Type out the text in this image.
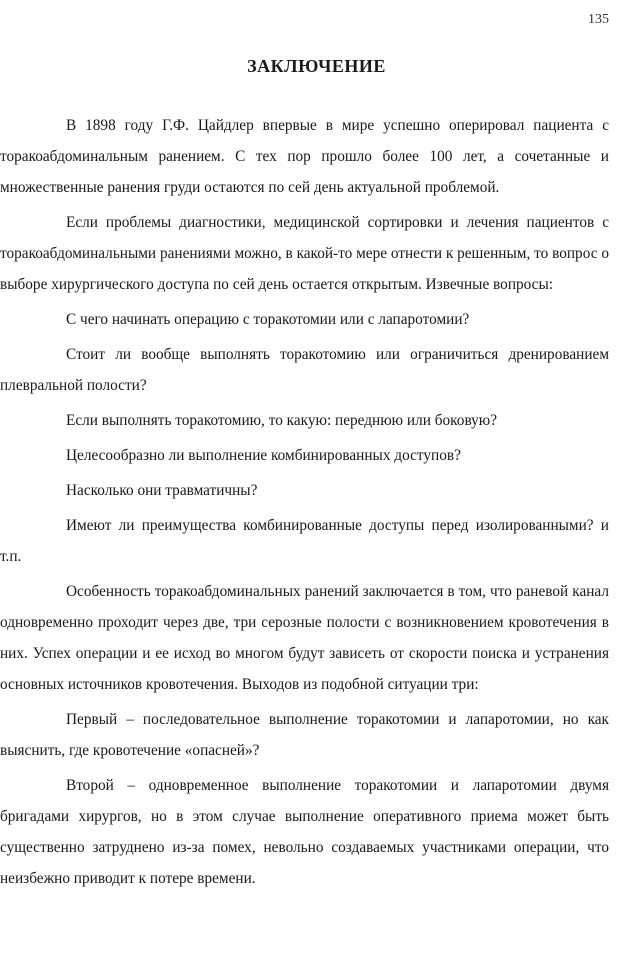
135
ЗАКЛЮЧЕНИЕ

В 1898 году Г.Ф. Цайдлер впервые в мире успешно оперировал пациента с торакоабдоминальным ранением. С тех пор прошло более 100 лет, а сочетанные и множественные ранения груди остаются по сей день актуальной проблемой.

Если проблемы диагностики, медицинской сортировки и лечения пациентов с торакоабдоминальными ранениями можно, в какой-то мере отнести к решенным, то вопрос о выборе хирургического доступа по сей день остается открытым. Извечные вопросы:

С чего начинать операцию с торакотомии или с лапаротомии?

Стоит ли вообще выполнять торакотомию или ограничиться дренированием плевральной полости?

Если выполнять торакотомию, то какую: переднюю или боковую?

Целесообразно ли выполнение комбинированных доступов?

Насколько они травматичны?

Имеют ли преимущества комбинированные доступы перед изолированными? и т.п.

Особенность торакоабдоминальных ранений заключается в том, что раневой канал одновременно проходит через две, три серозные полости с возникновением кровотечения в них. Успех операции и ее исход во многом будут зависеть от скорости поиска и устранения основных источников кровотечения. Выходов из подобной ситуации три:

Первый – последовательное выполнение торакотомии и лапаротомии, но как выяснить, где кровотечение «опасней»?

Второй – одновременное выполнение торакотомии и лапаротомии двумя бригадами хирургов, но в этом случае выполнение оперативного приема может быть существенно затруднено из-за помех, невольно создаваемых участниками операции, что неизбежно приводит к потере времени.
